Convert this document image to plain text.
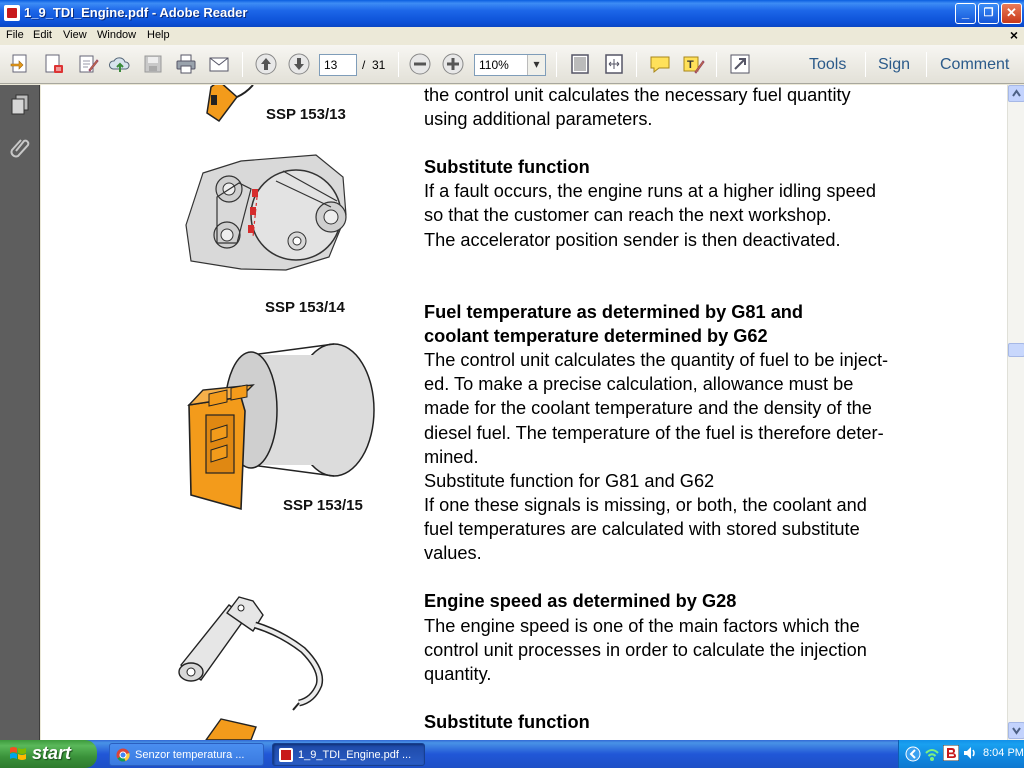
1_9_TDI_Engine.pdf - Adobe Reader	_	❐ ✕
File Edit View Window Help	×
13	/ 31	110%	▾	T	Tools Sign Comment
SSP 153/13
SSP 153/14
SSP 153/15
the control unit calculates the necessary fuel quantity
using additional parameters.
Substitute function
If a fault occurs, the engine runs at a higher idling speed
so that the customer can reach the next workshop.
The accelerator position sender is then deactivated.
Fuel temperature as determined by G81 and
coolant temperature determined by G62
The control unit calculates the quantity of fuel to be inject-
ed. To make a precise calculation, allowance must be
made for the coolant temperature and the density of the
diesel fuel. The temperature of the fuel is therefore deter-
mined.
Substitute function for G81 and G62
If one these signals is missing, or both, the coolant and
fuel temperatures are calculated with stored substitute
values.
Engine speed as determined by G28
The engine speed is one of the main factors which the
control unit processes in order to calculate the injection
quantity.
Substitute function
start	Senzor temperatura ...	1_9_TDI_Engine.pdf ...	8:04 PM
